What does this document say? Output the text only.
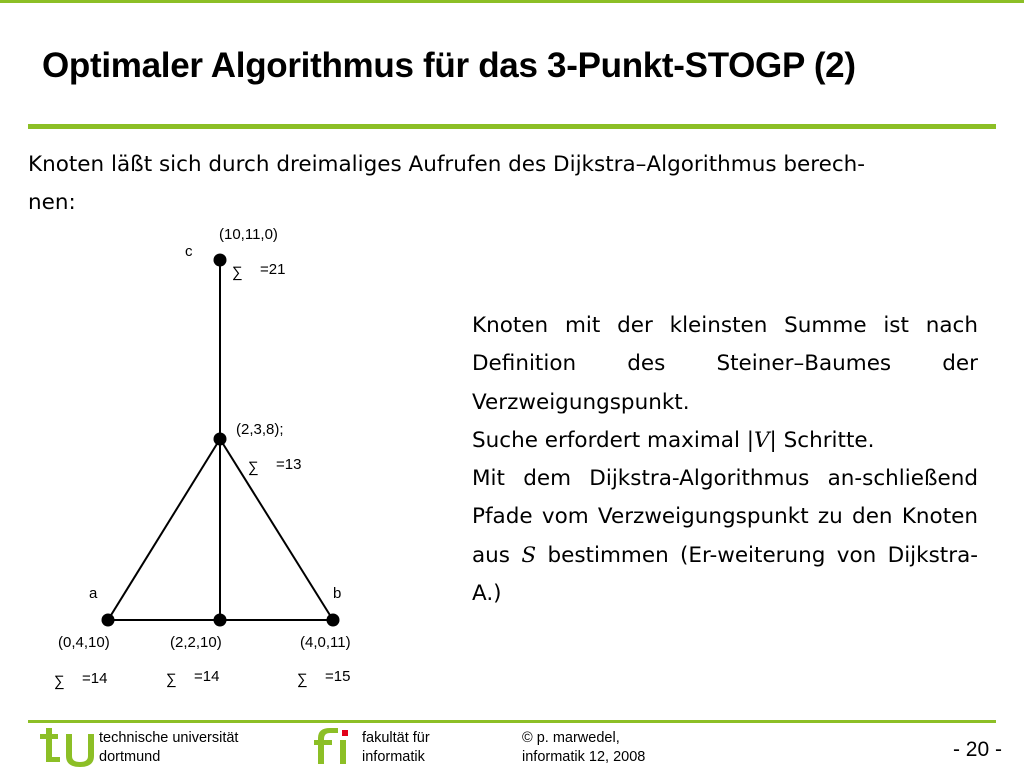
Optimaler Algorithmus für das 3-Punkt-STOGP (2)
Knoten läßt sich durch dreimaliges Aufrufen des Dijkstra–Algorithmus berech-
nen:
c
(10,11,0)
∑ =21
(2,3,8);
∑ =13
a
(0,4,10)
∑ =14
(2,2,10)
∑ =14
b
(4,0,11)
∑ =15

Knoten mit der kleinsten Summe ist nach Definition des Steiner–Baumes der Verzweigungspunkt.

Suche erfordert maximal |V| Schritte.

Mit dem Dijkstra-Algorithmus an-schließend Pfade vom Verzweigungspunkt zu den Knoten aus S bestimmen (Er-weiterung von Dijkstra-A.)

technische universität
dortmund
fakultät für
informatik
© p. marwedel,
informatik 12, 2008	- 20 -
